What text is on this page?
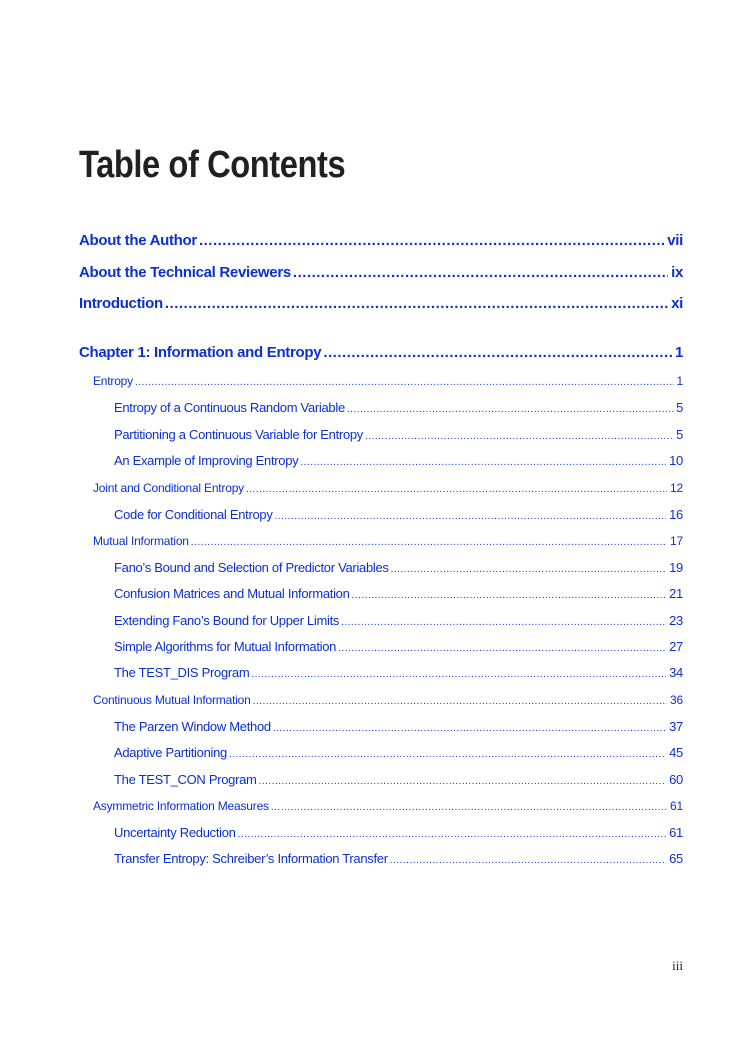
Table of Contents
About the Author .....	vii
About the Technical Reviewers .....	ix
Introduction .....	xi
Chapter 1: Information and Entropy .....	1
Entropy .....	1
Entropy of a Continuous Random Variable .....	5
Partitioning a Continuous Variable for Entropy .....	5
An Example of Improving Entropy .....	10
Joint and Conditional Entropy .....	12
Code for Conditional Entropy .....	16
Mutual Information .....	17
Fano’s Bound and Selection of Predictor Variables .....	19
Confusion Matrices and Mutual Information .....	21
Extending Fano’s Bound for Upper Limits .....	23
Simple Algorithms for Mutual Information .....	27
The TEST_DIS Program .....	34
Continuous Mutual Information .....	36
The Parzen Window Method .....	37
Adaptive Partitioning .....	45
The TEST_CON Program .....	60
Asymmetric Information Measures .....	61
Uncertainty Reduction .....	61
Transfer Entropy: Schreiber’s Information Transfer .....	65
iii
